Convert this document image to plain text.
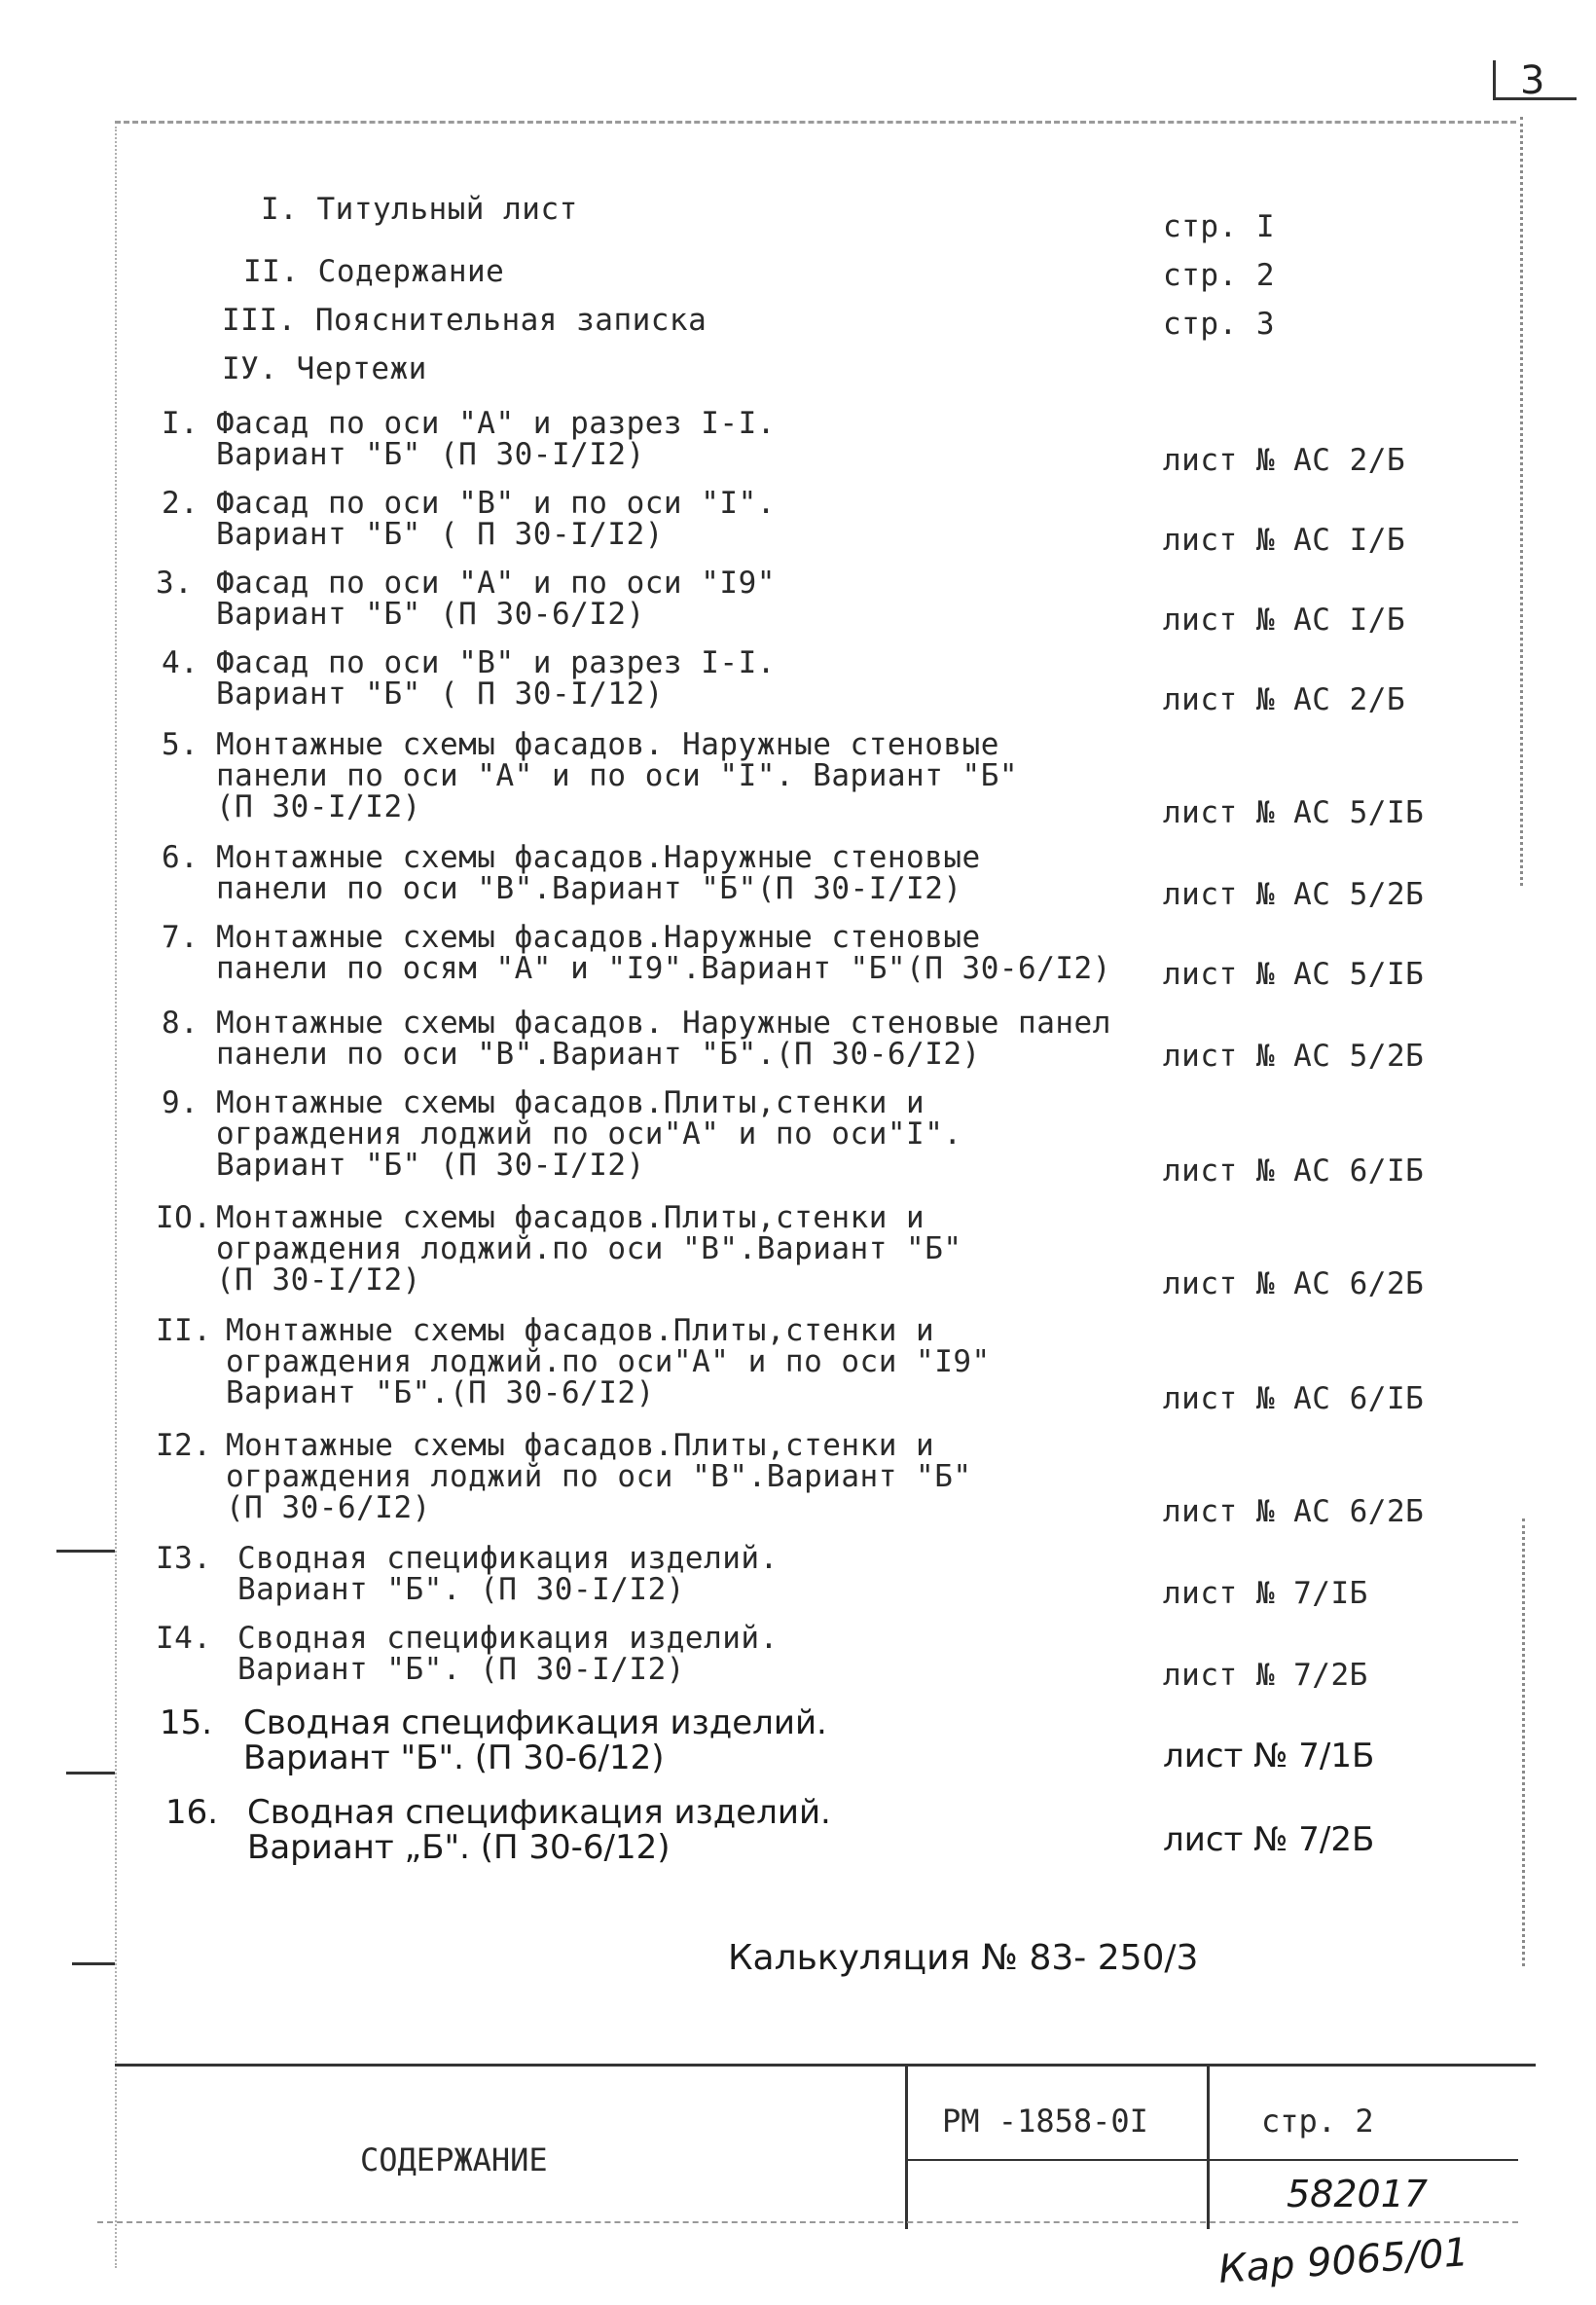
3
I. Титульный лист	стр. I
II. Содержание	стр. 2
III. Пояснительная записка	стр. 3
IУ. Чертежи
I. Фасад по оси "А" и разрез I-I.
Вариант "Б" (П 30-I/I2)	лист № АС 2/Б
2. Фасад по оси "В" и по оси "I".
Вариант "Б" ( П 30-I/I2)	лист № АС I/Б
3. Фасад по оси "А" и по оси "I9"
Вариант "Б" (П 30-6/I2)	лист № АС I/Б
4. Фасад по оси "В" и разрез I-I.
Вариант "Б" ( П 30-I/12)	лист № АС 2/Б
5. Монтажные схемы фасадов. Наружные стеновые
панели по оси "А" и по оси "I". Вариант "Б"
(П 30-I/I2)	лист № АС 5/IБ
6. Монтажные схемы фасадов.Наружные стеновые
панели по оси "В".Вариант "Б"(П 30-I/I2)	лист № АС 5/2Б
7. Монтажные схемы фасадов.Наружные стеновые
панели по осям "А" и "I9".Вариант "Б"(П 30-6/I2) лист № АС 5/IБ
8. Монтажные схемы фасадов. Наружные стеновые панел
панели по оси "В".Вариант "Б".(П 30-6/I2)	лист № АС 5/2Б
9. Монтажные схемы фасадов.Плиты,стенки и
ограждения лоджий по оси"А" и по оси"I".
Вариант "Б" (П 30-I/I2)	лист № АС 6/IБ
IO. Монтажные схемы фасадов.Плиты,стенки и
ограждения лоджий.по оси "В".Вариант "Б"
(П 30-I/I2)	лист № АС 6/2Б
II. Монтажные схемы фасадов.Плиты,стенки и
ограждения лоджий.по оси"А" и по оси "I9"
Вариант "Б".(П 30-6/I2)	лист № АС 6/IБ
I2. Монтажные схемы фасадов.Плиты,стенки и
ограждения лоджий по оси "В".Вариант "Б"
(П 30-6/I2)	лист № АС 6/2Б
I3. Сводная спецификация изделий.
Вариант "Б". (П 30-I/I2)	лист № 7/IБ
I4. Сводная спецификация изделий.
Вариант "Б". (П 30-I/I2)	лист № 7/2Б
15. Сводная спецификация изделий.
Вариант "Б". (П 30-6/12)	лист № 7/1Б
16. Сводная спецификация изделий.
Вариант „Б". (П 30-6/12)	лист № 7/2Б
Калькуляция № 83- 250/3
СОДЕРЖАНИЕ
РМ -1858-0I	стр. 2
582017
Кар 9065/01
